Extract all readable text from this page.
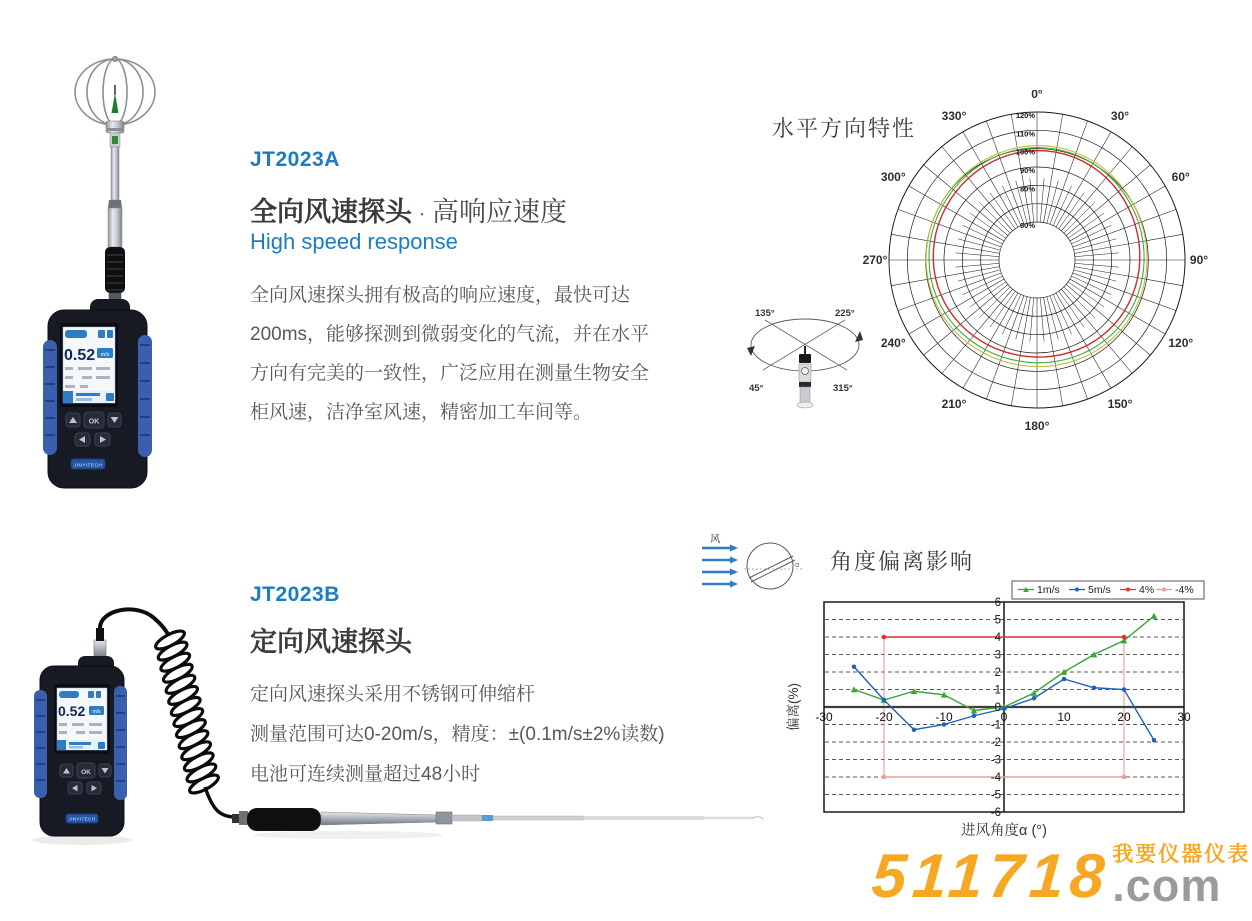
0.52 m/s
OK
JINYITECH
JT2023A
全向风速探头 · 高响应速度
High speed response
全向风速探头拥有极高的响应速度，最快可达
200ms，能够探测到微弱变化的气流，并在水平
方向有完美的一致性，广泛应用在测量生物安全
柜风速，洁净室风速，精密加工车间等。
水平方向特性
0°
30°
60°
90°
120°
150°
180°
210°
240°
270°
300°
330°	120%
110%
100%
90%
80%
60%
135°	225°
45°	315°
0.52 m/s
OK
JINYITECH
JT2023B
定向风速探头
定向风速探头采用不锈钢可伸缩杆
测量范围可达0-20m/s，精度：±(0.1m/s±2%读数)
电池可连续测量超过48小时
风
α 角度偏离影响
6
5
4
3
2
1
0
-1
-2
-3
-4
-5
-6
-30	-20	-10	0	10	20	30
进风角度α (°)
偏离(%)
1m/s	5m/s	4% -4%
511718 我要仪器仪表
.com
